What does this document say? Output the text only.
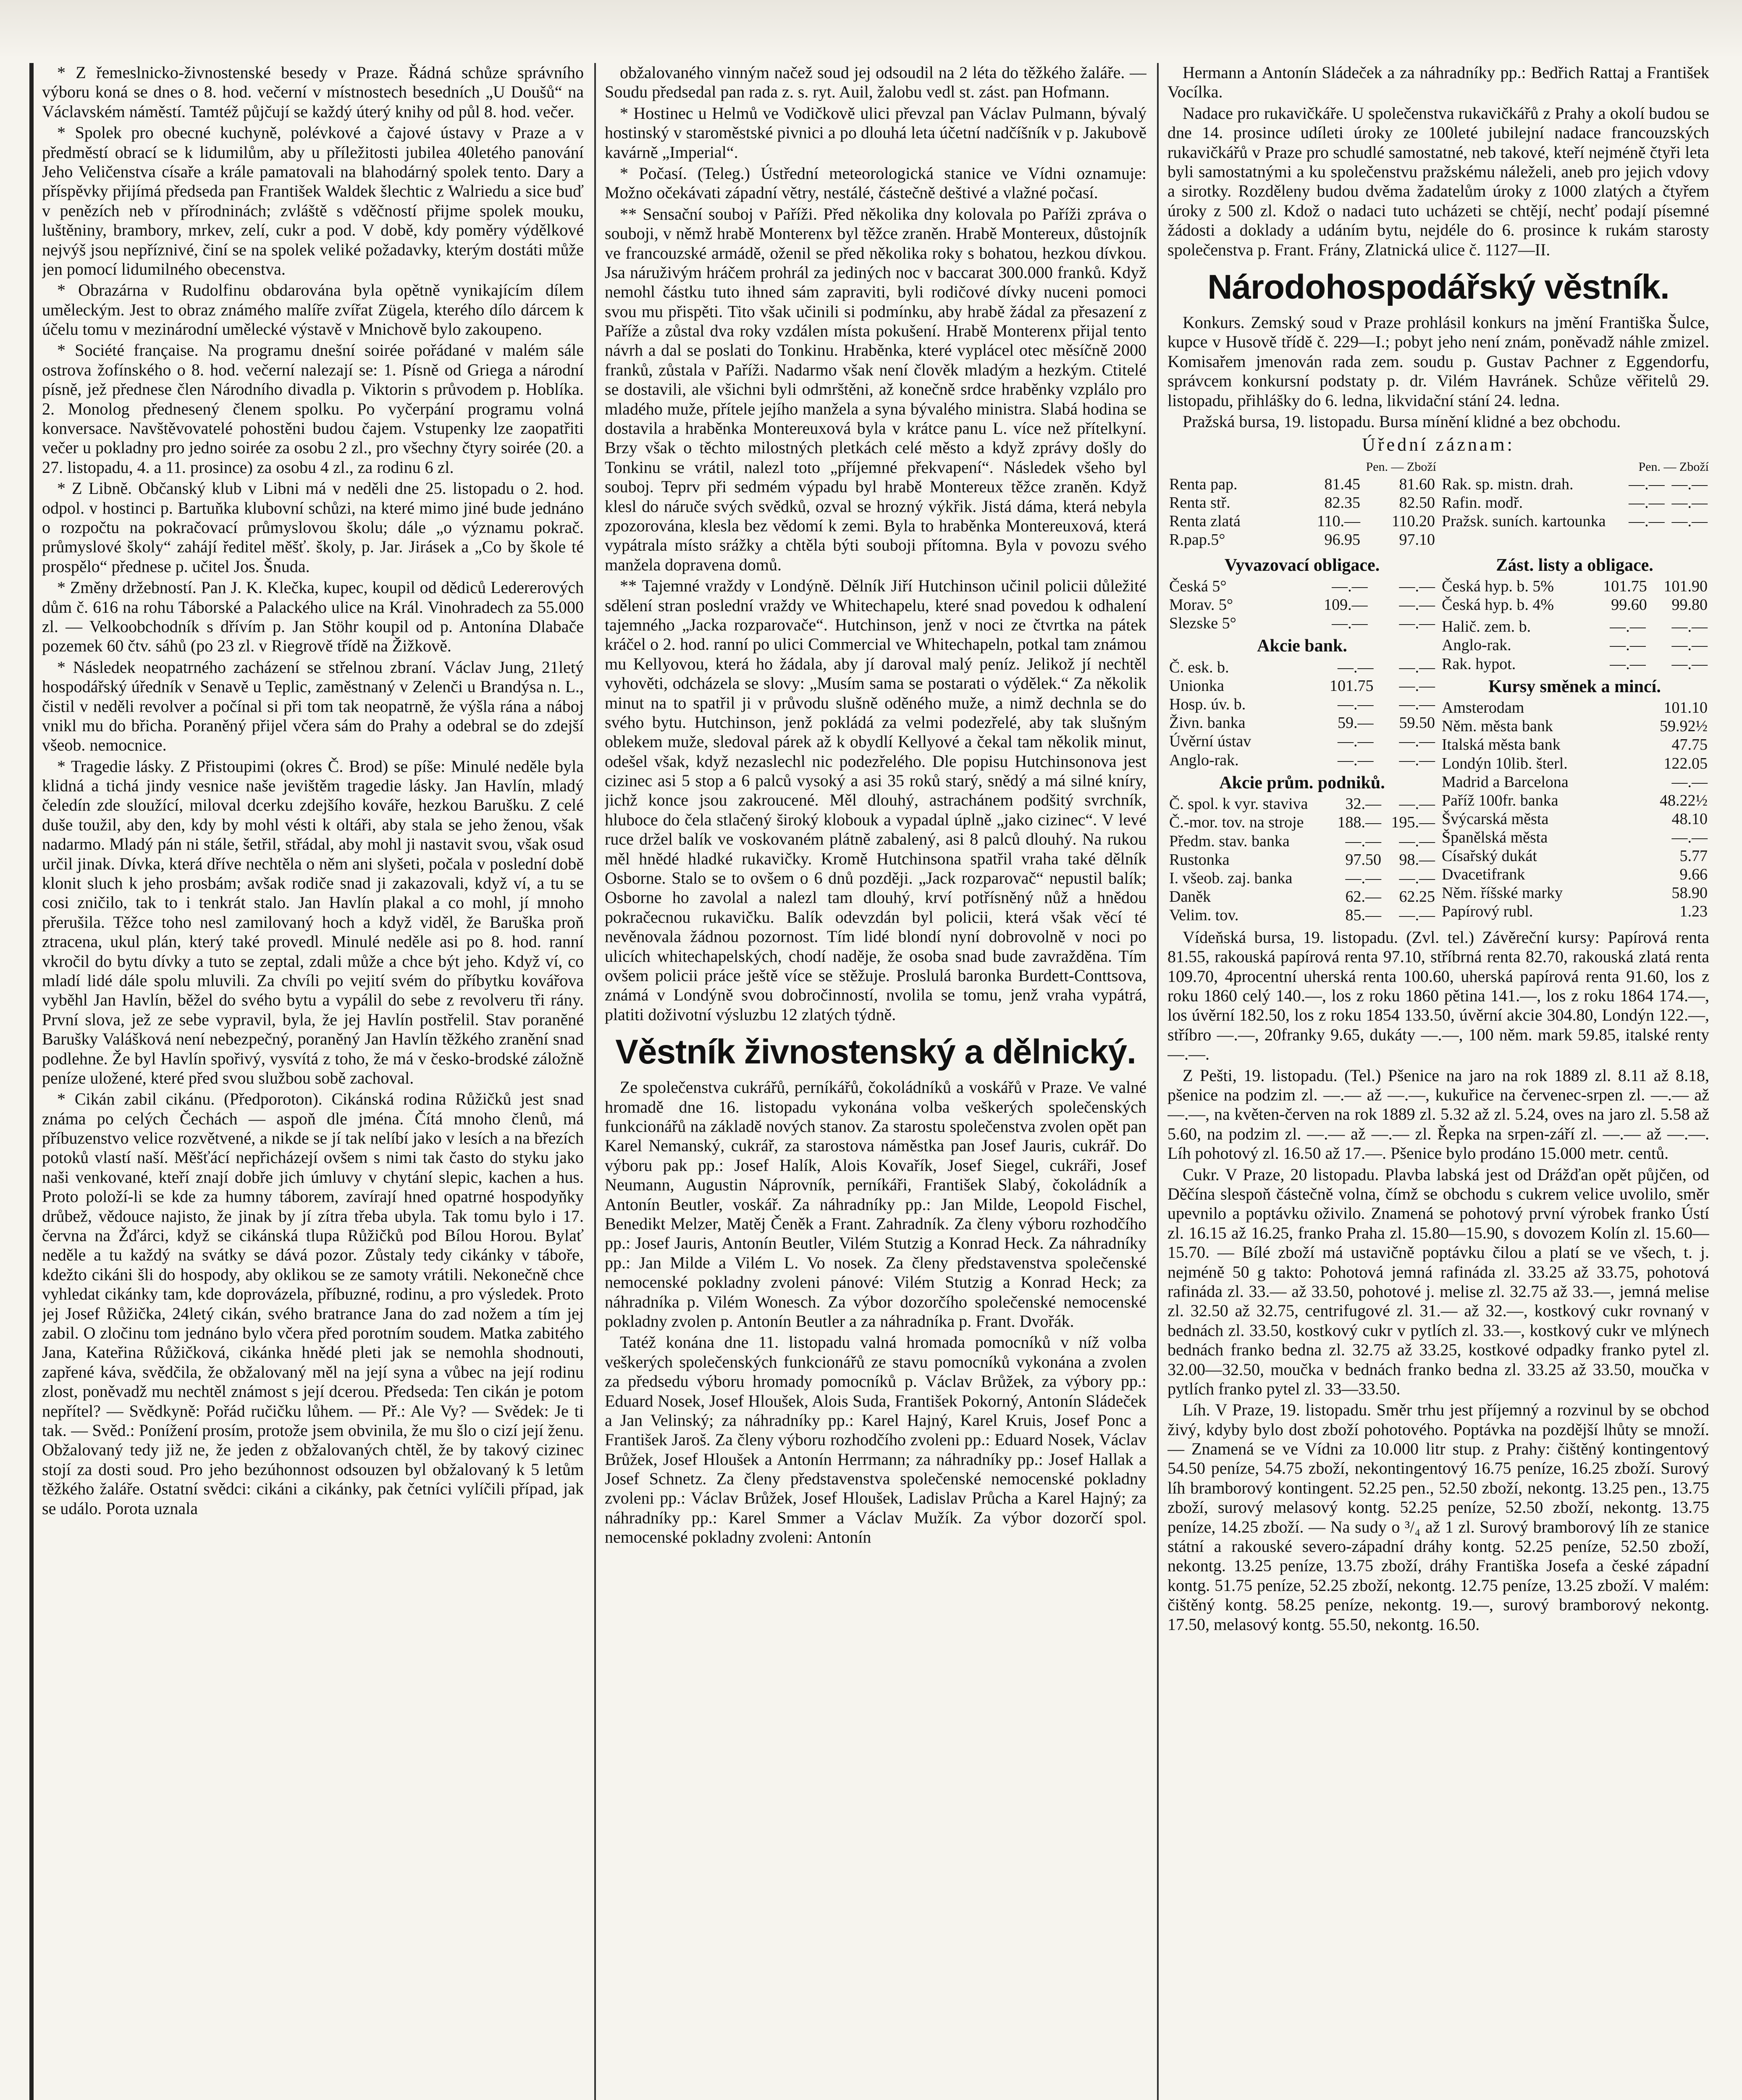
* Z řemeslnicko-živnostenské besedy v Praze. Řádná schůze správního výboru koná se dnes o 8. hod. večerní v místnostech besedních „U Doušů“ na Václavském náměstí. Tamtéž půjčují se každý úterý knihy od půl 8. hod. večer.

* Spolek pro obecné kuchyně, polévkové a čajové ústavy v Praze a v předměstí obrací se k lidumilům, aby u příležitosti jubilea 40letého panování Jeho Veličenstva císaře a krále pamatovali na blahodárný spolek tento. Dary a příspěvky přijímá předseda pan František Waldek šlechtic z Walriedu a sice buď v penězích neb v přírodninách; zvláště s vděčností přijme spolek mouku, luštěniny, brambory, mrkev, zelí, cukr a pod. V době, kdy poměry výdělkové nejvýš jsou nepříznivé, činí se na spolek veliké požadavky, kterým dostáti může jen pomocí lidumilného obecenstva.

* Obrazárna v Rudolfinu obdarována byla opětně vynikajícím dílem uměleckým. Jest to obraz známého malíře zvířat Zügela, kterého dílo dárcem k účelu tomu v mezinárodní umělecké výstavě v Mnichově bylo zakoupeno.

* Société française. Na programu dnešní soirée pořádané v malém sále ostrova žofínského o 8. hod. večerní nalezají se: 1. Písně od Griega a národní písně, jež přednese člen Národního divadla p. Viktorin s průvodem p. Hoblíka. 2. Monolog přednesený členem spolku. Po vyčerpání programu volná konversace. Navštěvovatelé pohostěni budou čajem. Vstupenky lze zaopatřiti večer u pokladny pro jedno soirée za osobu 2 zl., pro všechny čtyry soirée (20. a 27. listopadu, 4. a 11. prosince) za osobu 4 zl., za rodinu 6 zl.

* Z Libně. Občanský klub v Libni má v neděli dne 25. listopadu o 2. hod. odpol. v hostinci p. Bartuňka klubovní schůzi, na které mimo jiné bude jednáno o rozpočtu na pokračovací průmyslovou školu; dále „o významu pokrač. průmyslové školy“ zahájí ředitel měšť. školy, p. Jar. Jirásek a „Co by škole té prospělo“ přednese p. učitel Jos. Šnuda.

* Změny držebností. Pan J. K. Klečka, kupec, koupil od dědiců Ledererových dům č. 616 na rohu Táborské a Palackého ulice na Král. Vinohradech za 55.000 zl. — Velkoobchodník s dřívím p. Jan Stöhr koupil od p. Antonína Dlabače pozemek 60 čtv. sáhů (po 23 zl. v Riegrově třídě na Žižkově.

* Následek neopatrného zacházení se střelnou zbraní. Václav Jung, 21letý hospodářský úředník v Senavě u Teplic, zaměstnaný v Zelenči u Brandýsa n. L., čistil v neděli revolver a počínal si při tom tak neopatrně, že výšla rána a náboj vnikl mu do břicha. Poraněný přijel včera sám do Prahy a odebral se do zdejší všeob. nemocnice.

* Tragedie lásky. Z Přistoupimi (okres Č. Brod) se píše: Minulé neděle byla klidná a tichá jindy vesnice naše jevištěm tragedie lásky. Jan Havlín, mladý čeledín zde sloužící, miloval dcerku zdejšího kováře, hezkou Barušku. Z celé duše toužil, aby den, kdy by mohl vésti k oltáři, aby stala se jeho ženou, však nadarmo. Mladý pán ni stále, šetřil, střádal, aby mohl ji nastavit svou, však osud určil jinak. Dívka, která dříve nechtěla o něm ani slyšeti, počala v poslední době klonit sluch k jeho prosbám; avšak rodiče snad ji zakazovali, když ví, a tu se cosi zničilo, tak to i tenkrát stalo. Jan Havlín plakal a co mohl, jí mnoho přerušila. Těžce toho nesl zamilovaný hoch a když viděl, že Baruška proň ztracena, ukul plán, který také provedl. Minulé neděle asi po 8. hod. ranní vkročil do bytu dívky a tuto se zeptal, zdali může a chce být jeho. Když ví, co mladí lidé dále spolu mluvili. Za chvíli po vejití svém do příbytku kovářova vyběhl Jan Havlín, běžel do svého bytu a vypálil do sebe z revolveru tři rány. První slova, jež ze sebe vypravil, byla, že jej Havlín postřelil. Stav poraněné Barušky Valášková není nebezpečný, poraněný Jan Havlín těžkého zranění snad podlehne. Že byl Havlín spořivý, vysvítá z toho, že má v česko-brodské záložně peníze uložené, které před svou službou sobě zachoval.

* Cikán zabil cikánu. (Předporoton). Cikánská rodina Růžičků jest snad známa po celých Čechách — aspoň dle jména. Čítá mnoho členů, má příbuzenstvo velice rozvětvené, a nikde se jí tak nelíbí jako v lesích a na březích potoků vlastí naší. Měšťácí nepřicházejí ovšem s nimi tak často do styku jako naši venkované, kteří znají dobře jich úmluvy v chytání slepic, kachen a hus. Proto položí-li se kde za humny táborem, zavírají hned opatrné hospodyňky drůbež, vědouce najisto, že jinak by jí zítra třeba ubyla. Tak tomu bylo i 17. června na Žďárci, když se cikánská tlupa Růžičků pod Bílou Horou. Bylať neděle a tu každý na svátky se dává pozor. Zůstaly tedy cikánky v táboře, kdežto cikáni šli do hospody, aby oklikou se ze samoty vrátili. Nekonečně chce vyhledat cikánky tam, kde doprovázela, příbuzné, rodinu, a pro výsledek. Proto jej Josef Růžička, 24letý cikán, svého bratrance Jana do zad nožem a tím jej zabil. O zločinu tom jednáno bylo včera před porotním soudem. Matka zabitého Jana, Kateřina Růžičková, cikánka hnědé pleti jak se nemohla shodnouti, zapřené káva, svědčila, že obžalovaný měl na její syna a vůbec na její rodinu zlost, poněvadž mu nechtěl známost s její dcerou. Předseda: Ten cikán je potom nepřítel? — Svědkyně: Pořád ručičku lůhem. — Př.: Ale Vy? — Svědek: Je ti tak. — Svěd.: Ponížení prosím, protože jsem obvinila, že mu šlo o cizí její ženu. Obžalovaný tedy již ne, že jeden z obžalovaných chtěl, že by takový cizinec stojí za dosti soud. Pro jeho bezúhonnost odsouzen byl obžalovaný k 5 letům těžkého žaláře. Ostatní svědci: cikáni a cikánky, pak četníci vylíčili případ, jak se událo. Porota uznala

obžalovaného vinným načež soud jej odsoudil na 2 léta do těžkého žaláře. — Soudu předsedal pan rada z. s. ryt. Auil, žalobu vedl st. zást. pan Hofmann.

* Hostinec u Helmů ve Vodičkově ulici převzal pan Václav Pulmann, bývalý hostinský v staroměstské pivnici a po dlouhá leta účetní nadčíšník v p. Jakubově kavárně „Imperial“.

* Počasí. (Teleg.) Ústřední meteorologická stanice ve Vídni oznamuje: Možno očekávati západní větry, nestálé, částečně deštivé a vlažné počasí.

** Sensační souboj v Paříži. Před několika dny kolovala po Paříži zpráva o souboji, v němž hrabě Monterenx byl těžce zraněn. Hrabě Montereux, důstojník ve francouzské armádě, oženil se před několika roky s bohatou, hezkou dívkou. Jsa náruživým hráčem prohrál za jediných noc v baccarat 300.000 franků. Když nemohl částku tuto ihned sám zapraviti, byli rodičové dívky nuceni pomoci svou mu přispěti. Tito však učinili si podmínku, aby hrabě žádal za přesazení z Paříže a zůstal dva roky vzdálen místa pokušení. Hrabě Monterenx přijal tento návrh a dal se poslati do Tonkinu. Hraběnka, které vyplácel otec měsíčně 2000 franků, zůstala v Paříži. Nadarmo však není člověk mladým a hezkým. Ctitelé se dostavili, ale všichni byli odmrštěni, až konečně srdce hraběnky vzplálo pro mladého muže, přítele jejího manžela a syna bývalého ministra. Slabá hodina se dostavila a hraběnka Montereuxová byla v krátce panu L. více než přítelkyní. Brzy však o těchto milostných pletkách celé město a když zprávy došly do Tonkinu se vrátil, nalezl toto „příjemné překvapení“. Následek všeho byl souboj. Teprv při sedmém výpadu byl hrabě Montereux těžce zraněn. Když klesl do náruče svých svědků, ozval se hrozný výkřik. Jistá dáma, která nebyla zpozorována, klesla bez vědomí k zemi. Byla to hraběnka Montereuxová, která vypátrala místo srážky a chtěla býti souboji přítomna. Byla v povozu svého manžela dopravena domů.

** Tajemné vraždy v Londýně. Dělník Jiří Hutchinson učinil policii důležité sdělení stran poslední vraždy ve Whitechapelu, které snad povedou k odhalení tajemného „Jacka rozparovače“. Hutchinson, jenž v noci ze čtvrtka na pátek kráčel o 2. hod. ranní po ulici Commercial ve Whitechapeln, potkal tam známou mu Kellyovou, která ho žádala, aby jí daroval malý peníz. Jelikož jí nechtěl vyhověti, odcházela se slovy: „Musím sama se postarati o výdělek.“ Za několik minut na to spatřil ji v průvodu slušně oděného muže, a nimž dechnla se do svého bytu. Hutchinson, jenž pokládá za velmi podezřelé, aby tak slušným oblekem muže, sledoval párek až k obydlí Kellyové a čekal tam několik minut, odešel však, když nezaslechl nic podezřelého. Dle popisu Hutchinsonova jest cizinec asi 5 stop a 6 palců vysoký a asi 35 roků starý, snědý a má silné kníry, jichž konce jsou zakroucené. Měl dlouhý, astrachánem podšitý svrchník, hluboce do čela stlačený široký klobouk a vypadal úplně „jako cizinec“. V levé ruce držel balík ve voskovaném plátně zabalený, asi 8 palců dlouhý. Na rukou měl hnědé hladké rukavičky. Kromě Hutchinsona spatřil vraha také dělník Osborne. Stalo se to ovšem o 6 dnů později. „Jack rozparovač“ nepustil balík; Osborne ho zavolal a nalezl tam dlouhý, krví potřísněný nůž a hnědou pokračecnou rukavičku. Balík odevzdán byl policii, která však věcí té nevěnovala žádnou pozornost. Tím lidé blondí nyní dobrovolně v noci po ulicích whitechapelských, chodí naděje, že osoba snad bude zavražděna. Tím ovšem policii práce ještě více se stěžuje. Proslulá baronka Burdett-Conttsova, známá v Londýně svou dobročinností, nvolila se tomu, jenž vraha vypátrá, platiti doživotní výsluzbu 12 zlatých týdně.

Věstník živnostenský a dělnický.

Ze společenstva cukrářů, perníkářů, čokoládníků a voskářů v Praze. Ve valné hromadě dne 16. listopadu vykonána volba veškerých společenských funkcionářů na základě nových stanov. Za starostu společenstva zvolen opět pan Karel Nemanský, cukrář, za starostova náměstka pan Josef Jauris, cukrář. Do výboru pak pp.: Josef Halík, Alois Kovařík, Josef Siegel, cukráři, Josef Neumann, Augustin Náprovník, perníkáři, František Slabý, čokoládník a Antonín Beutler, voskář. Za náhradníky pp.: Jan Milde, Leopold Fischel, Benedikt Melzer, Matěj Čeněk a Frant. Zahradník. Za členy výboru rozhodčího pp.: Josef Jauris, Antonín Beutler, Vilém Stutzig a Konrad Heck. Za náhradníky pp.: Jan Milde a Vilém L. Vo nosek. Za členy představenstva společenské nemocenské pokladny zvoleni pánové: Vilém Stutzig a Konrad Heck; za náhradníka p. Vilém Wonesch. Za výbor dozorčího společenské nemocenské pokladny zvolen p. Antonín Beutler a za náhradníka p. Frant. Dvořák.

Tatéž konána dne 11. listopadu valná hromada pomocníků v níž volba veškerých společenských funkcionářů ze stavu pomocníků vykonána a zvolen za předsedu výboru hromady pomocníků p. Václav Brůžek, za výbory pp.: Eduard Nosek, Josef Hloušek, Alois Suda, František Pokorný, Antonín Sládeček a Jan Velinský; za náhradníky pp.: Karel Hajný, Karel Kruis, Josef Ponc a František Jaroš. Za členy výboru rozhodčího zvoleni pp.: Eduard Nosek, Václav Brůžek, Josef Hloušek a Antonín Herrmann; za náhradníky pp.: Josef Hallak a Josef Schnetz. Za členy představenstva společenské nemocenské pokladny zvoleni pp.: Václav Brůžek, Josef Hloušek, Ladislav Průcha a Karel Hajný; za náhradníky pp.: Karel Smmer a Václav Mužík. Za výbor dozorčí spol. nemocenské pokladny zvoleni: Antonín

Hermann a Antonín Sládeček a za náhradníky pp.: Bedřich Rattaj a František Vocílka.

Nadace pro rukavičkáře. U společenstva rukavičkářů z Prahy a okolí budou se dne 14. prosince udíleti úroky ze 100leté jubilejní nadace francouzských rukavičkářů v Praze pro schudlé samostatné, neb takové, kteří nejméně čtyři leta byli samostatnými a ku společenstvu pražskému náleželi, aneb pro jejich vdovy a sirotky. Rozděleny budou dvěma žadatelům úroky z 1000 zlatých a čtyřem úroky z 500 zl. Kdož o nadaci tuto ucházeti se chtějí, nechť podají písemné žádosti a doklady a udáním bytu, nejdéle do 6. prosince k rukám starosty společenstva p. Frant. Frány, Zlatnická ulice č. 1127—II.

Národohospodářský věstník.

Konkurs. Zemský soud v Praze prohlásil konkurs na jmění Františka Šulce, kupce v Husově třídě č. 229—I.; pobyt jeho není znám, poněvadž náhle zmizel. Komisařem jmenován rada zem. soudu p. Gustav Pachner z Eggendorfu, správcem konkursní podstaty p. dr. Vilém Havránek. Schůze věřitelů 29. listopadu, přihlášky do 6. ledna, likvidační stání 24. ledna.

Pražská bursa, 19. listopadu. Bursa mínění klidné a bez obchodu.

Úřední záznam:
	Pen. — Zboží	
Renta pap.	81.45	81.60
Renta stř.	82.35	82.50
Renta zlatá	110.—	110.20
R.pap.5°	96.95	97.10
	Pen. — Zboží	
Rak. sp. mistn. drah.	—.—	—.—
Rafin. modř.	—.—	—.—
Pražsk. suních. kartounka	—.—	—.—
Vyvazovací obligace.
Česká 5°	—.—	—.—
Morav. 5°	109.—	—.—
Slezske 5°	—.—	—.—
Akcie bank.
Č. esk. b.	—.—	—.—
Unionka	101.75	—.—
Hosp. úv. b.	—.—	—.—
Živn. banka	59.—	59.50
Úvěrní ústav	—.—	—.—
Anglo-rak.	—.—	—.—
Akcie prům. podniků.
Č. spol. k vyr. staviva	32.—	—.—
Č.-mor. tov. na stroje	188.—	195.—
Předm. stav. banka	—.—	—.—
Rustonka	97.50	98.—
I. všeob. zaj. banka	—.—	—.—
Daněk	62.—	62.25
Velim. tov.	85.—	—.—
Zást. listy a obligace.
Česká hyp. b. 5%	101.75	101.90
Česká hyp. b. 4%	99.60	99.80
Halič. zem. b.	—.—	—.—
Anglo-rak.	—.—	—.—
Rak. hypot.	—.—	—.—
Kursy směnek a mincí.
Amsterodam	101.10
Něm. města bank	59.92½
Italská města bank	47.75
Londýn 10lib. šterl.	122.05
Madrid a Barcelona	—.—
Paříž 100fr. banka	48.22½
Švýcarská města	48.10
Španělská města	—.—
Císařský dukát	5.77
Dvacetifrank	9.66
Něm. říšské marky	58.90
Papírový rubl.	1.23

Vídeňská bursa, 19. listopadu. (Zvl. tel.) Závěreční kursy: Papírová renta 81.55, rakouská papírová renta 97.10, stříbrná renta 82.70, rakouská zlatá renta 109.70, 4procentní uherská renta 100.60, uherská papírová renta 91.60, los z roku 1860 celý 140.—, los z roku 1860 pětina 141.—, los z roku 1864 174.—, los úvěrní 182.50, los z roku 1854 133.50, úvěrní akcie 304.80, Londýn 122.—, stříbro —.—, 20franky 9.65, dukáty —.—, 100 něm. mark 59.85, italské renty —.—.

Z Pešti, 19. listopadu. (Tel.) Pšenice na jaro na rok 1889 zl. 8.11 až 8.18, pšenice na podzim zl. —.— až —.—, kukuřice na červenec-srpen zl. —.— až —.—, na květen-červen na rok 1889 zl. 5.32 až zl. 5.24, oves na jaro zl. 5.58 až 5.60, na podzim zl. —.— až —.— zl. Řepka na srpen-září zl. —.— až —.—. Líh pohotový zl. 16.50 až 17.—. Pšenice bylo prodáno 15.000 metr. centů.

Cukr. V Praze, 20 listopadu. Plavba labská jest od Drážďan opět půjčen, od Děčína slespoň částečně volna, čímž se obchodu s cukrem velice uvolilo, směr upevnilo a poptávku oživilo. Znamená se pohotový první výrobek franko Ústí zl. 16.15 až 16.25, franko Praha zl. 15.80—15.90, s dovozem Kolín zl. 15.60—15.70. — Bílé zboží má ustavičně poptávku čilou a platí se ve všech, t. j. nejméně 50 g takto: Pohotová jemná rafináda zl. 33.25 až 33.75, pohotová rafináda zl. 33.— až 33.50, pohotové j. melise zl. 32.75 až 33.—, jemná melise zl. 32.50 až 32.75, centrifugové zl. 31.— až 32.—, kostkový cukr rovnaný v bednách zl. 33.50, kostkový cukr v pytlích zl. 33.—, kostkový cukr ve mlýnech bednách franko bedna zl. 32.75 až 33.25, kostkové odpadky franko pytel zl. 32.00—32.50, moučka v bednách franko bedna zl. 33.25 až 33.50, moučka v pytlích franko pytel zl. 33—33.50.

Líh. V Praze, 19. listopadu. Směr trhu jest příjemný a rozvinul by se obchod živý, kdyby bylo dost zboží pohotového. Poptávka na pozdější lhůty se množí. — Znamená se ve Vídni za 10.000 litr stup. z Prahy: čištěný kontingentový 54.50 peníze, 54.75 zboží, nekontingentový 16.75 peníze, 16.25 zboží. Surový líh bramborový kontingent. 52.25 pen., 52.50 zboží, nekontg. 13.25 pen., 13.75 zboží, surový melasový kontg. 52.25 peníze, 52.50 zboží, nekontg. 13.75 peníze, 14.25 zboží. — Na sudy o ³/₄ až 1 zl. Surový bramborový líh ze stanice státní a rakouské severo-západní dráhy kontg. 52.25 peníze, 52.50 zboží, nekontg. 13.25 peníze, 13.75 zboží, dráhy Františka Josefa a české západní kontg. 51.75 peníze, 52.25 zboží, nekontg. 12.75 peníze, 13.25 zboží. V malém: čištěný kontg. 58.25 peníze, nekontg. 19.—, surový bramborový nekontg. 17.50, melasový kontg. 55.50, nekontg. 16.50.
